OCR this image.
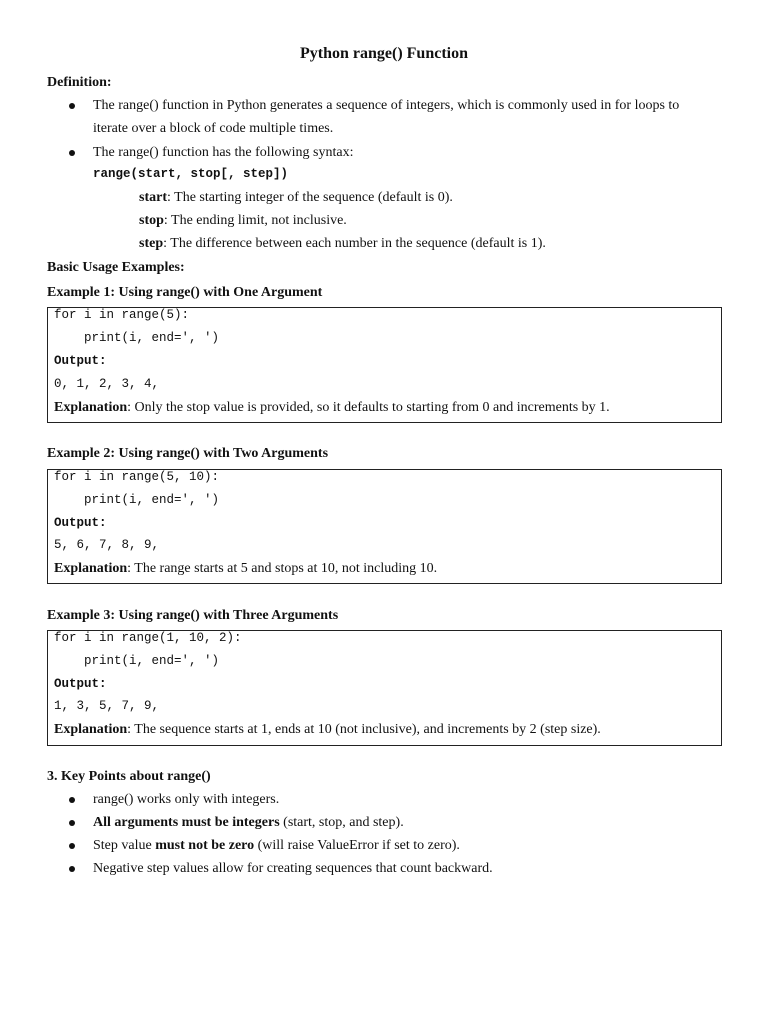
Python range() Function
Definition:
The range() function in Python generates a sequence of integers, which is commonly used in for loops to
iterate over a block of code multiple times.
The range() function has the following syntax:
range(start, stop[, step])
start: The starting integer of the sequence (default is 0).
stop: The ending limit, not inclusive.
step: The difference between each number in the sequence (default is 1).
Basic Usage Examples:
Example 1: Using range() with One Argument
for i in range(5):
print(i, end=', ')
Output:
0, 1, 2, 3, 4,
Explanation: Only the stop value is provided, so it defaults to starting from 0 and increments by 1.
Example 2: Using range() with Two Arguments
for i in range(5, 10):
print(i, end=', ')
Output:
5, 6, 7, 8, 9,
Explanation: The range starts at 5 and stops at 10, not including 10.
Example 3: Using range() with Three Arguments
for i in range(1, 10, 2):
print(i, end=', ')
Output:
1, 3, 5, 7, 9,
Explanation: The sequence starts at 1, ends at 10 (not inclusive), and increments by 2 (step size).
3. Key Points about range()
range() works only with integers.
All arguments must be integers (start, stop, and step).
Step value must not be zero (will raise ValueError if set to zero).
Negative step values allow for creating sequences that count backward.
